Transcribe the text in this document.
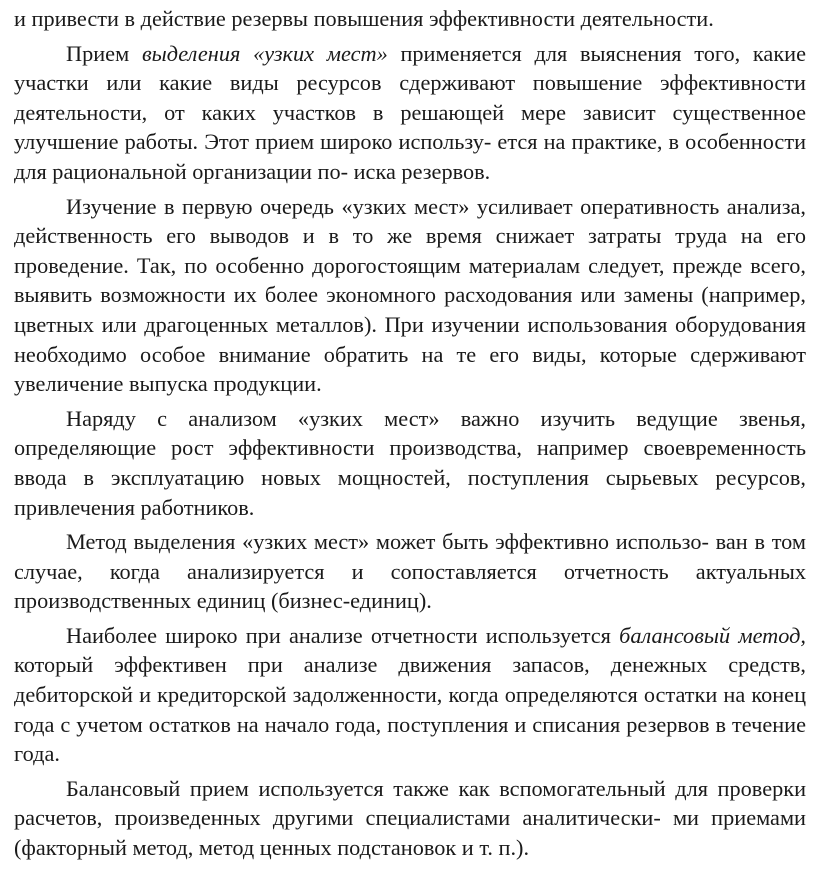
и привести в действие резервы повышения эффективности деятельности.

Прием выделения «узких мест» применяется для выяснения того, какие участки или какие виды ресурсов сдерживают повышение эффективности деятельности, от каких участков в решающей мере зависит существенное улучшение работы. Этот прием широко использу- ется на практике, в особенности для рациональной организации по- иска резервов.

Изучение в первую очередь «узких мест» усиливает оперативность анализа, действенность его выводов и в то же время снижает затраты труда на его проведение. Так, по особенно дорогостоящим материалам следует, прежде всего, выявить возможности их более экономного расходования или замены (например, цветных или драгоценных металлов). При изучении использования оборудования необходимо особое внимание обратить на те его виды, которые сдерживают увеличение выпуска продукции.

Наряду с анализом «узких мест» важно изучить ведущие звенья, определяющие рост эффективности производства, например своевременность ввода в эксплуатацию новых мощностей, поступления сырьевых ресурсов, привлечения работников.

Метод выделения «узких мест» может быть эффективно использо- ван в том случае, когда анализируется и сопоставляется отчетность актуальных производственных единиц (бизнес-единиц).

Наиболее широко при анализе отчетности используется балансовый метод, который эффективен при анализе движения запасов, денежных средств, дебиторской и кредиторской задолженности, когда определяются остатки на конец года с учетом остатков на начало года, поступления и списания резервов в течение года.

Балансовый прием используется также как вспомогательный для проверки расчетов, произведенных другими специалистами аналитически- ми приемами (факторный метод, метод ценных подстановок и т. п.).
